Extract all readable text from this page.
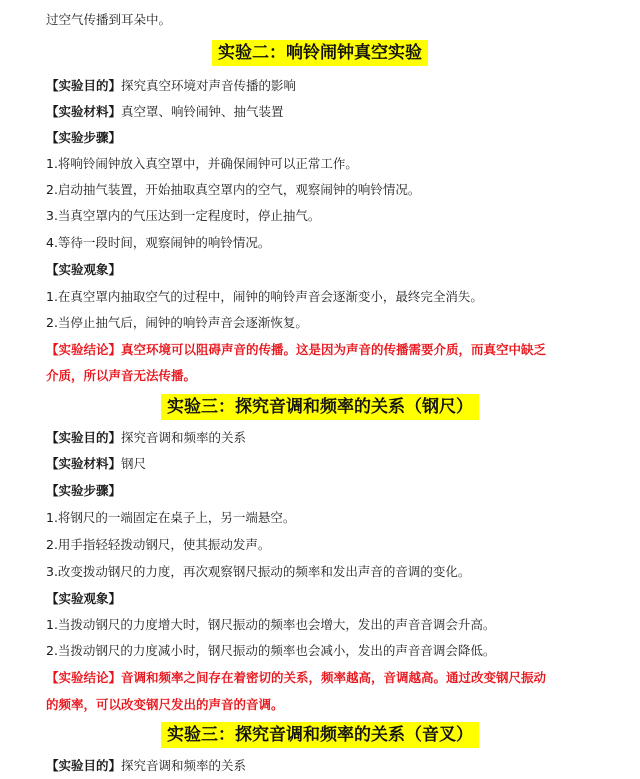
过空气传播到耳朵中。
实验二：响铃闹钟真空实验
【实验目的】探究真空环境对声音传播的影响
【实验材料】真空罩、响铃闹钟、抽气装置
【实验步骤】
1.将响铃闹钟放入真空罩中，并确保闹钟可以正常工作。
2.启动抽气装置，开始抽取真空罩内的空气，观察闹钟的响铃情况。
3.当真空罩内的气压达到一定程度时，停止抽气。
4.等待一段时间，观察闹钟的响铃情况。
【实验观象】
1.在真空罩内抽取空气的过程中，闹钟的响铃声音会逐渐变小，最终完全消失。
2.当停止抽气后，闹钟的响铃声音会逐渐恢复。
【实验结论】真空环境可以阻碍声音的传播。这是因为声音的传播需要介质，而真空中缺乏
介质，所以声音无法传播。
实验三：探究音调和频率的关系（钢尺）
【实验目的】探究音调和频率的关系
【实验材料】钢尺
【实验步骤】
1.将钢尺的一端固定在桌子上，另一端悬空。
2.用手指轻轻拨动钢尺，使其振动发声。
3.改变拨动钢尺的力度，再次观察钢尺振动的频率和发出声音的音调的变化。
【实验观象】
1.当拨动钢尺的力度增大时，钢尺振动的频率也会增大，发出的声音音调会升高。
2.当拨动钢尺的力度减小时，钢尺振动的频率也会减小，发出的声音音调会降低。
【实验结论】音调和频率之间存在着密切的关系，频率越高，音调越高。通过改变钢尺振动
的频率，可以改变钢尺发出的声音的音调。
实验三：探究音调和频率的关系（音叉）
【实验目的】探究音调和频率的关系
